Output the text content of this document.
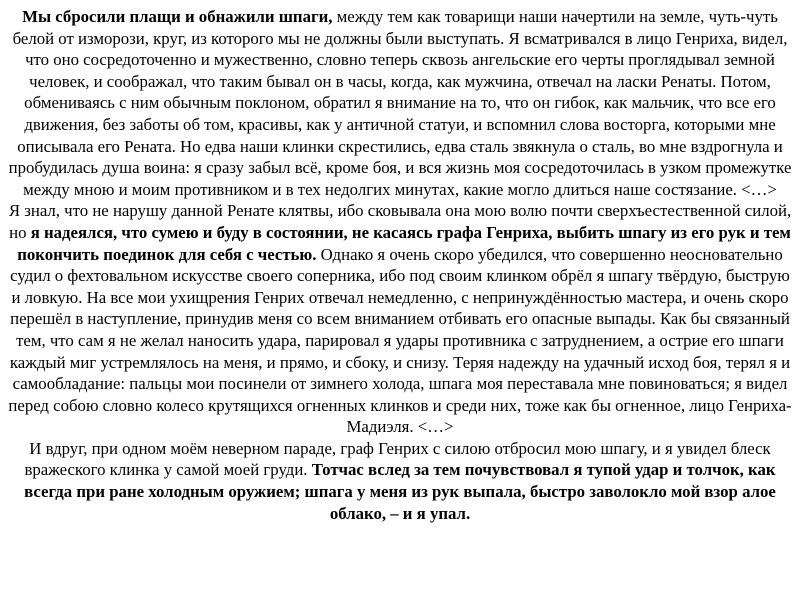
Мы сбросили плащи и обнажили шпаги, между тем как товарищи наши начертили на земле, чуть-чуть белой от изморози, круг, из которого мы не должны были выступать. Я всматривался в лицо Генриха, видел, что оно сосредоточенно и мужественно, словно теперь сквозь ангельские его черты проглядывал земной человек, и соображал, что таким бывал он в часы, когда, как мужчина, отвечал на ласки Ренаты. Потом, обмениваясь с ним обычным поклоном, обратил я внимание на то, что он гибок, как мальчик, что все его движения, без заботы об том, красивы, как у античной статуи, и вспомнил слова восторга, которыми мне описывала его Рената. Но едва наши клинки скрестились, едва сталь звякнула о сталь, во мне вздрогнула и пробудилась душа воина: я сразу забыл всё, кроме боя, и вся жизнь моя сосредоточилась в узком промежутке между мною и моим противником и в тех недолгих минутах, какие могло длиться наше состязание. <…>

Я знал, что не нарушу данной Ренате клятвы, ибо сковывала она мою волю почти сверхъестественной силой, но я надеялся, что сумею и буду в состоянии, не касаясь графа Генриха, выбить шпагу из его рук и тем покончить поединок для себя с честью. Однако я очень скоро убедился, что совершенно неосновательно судил о фехтовальном искусстве своего соперника, ибо под своим клинком обрёл я шпагу твёрдую, быструю и ловкую. На все мои ухищрения Генрих отвечал немедленно, с непринуждённостью мастера, и очень скоро перешёл в наступление, принудив меня со всем вниманием отбивать его опасные выпады. Как бы связанный тем, что сам я не желал наносить удара, парировал я удары противника с затруднением, а острие его шпаги каждый миг устремлялось на меня, и прямо, и сбоку, и снизу. Теряя надежду на удачный исход боя, терял я и самообладание: пальцы мои посинели от зимнего холода, шпага моя переставала мне повиноваться; я видел перед собою словно колесо крутящихся огненных клинков и среди них, тоже как бы огненное, лицо Генриха-Мадиэля. <…>

И вдруг, при одном моём неверном параде, граф Генрих с силою отбросил мою шпагу, и я увидел блеск вражеского клинка у самой моей груди. Тотчас вслед за тем почувствовал я тупой удар и толчок, как всегда при ране холодным оружием; шпага у меня из рук выпала, быстро заволокло мой взор алое облако, – и я упал.
